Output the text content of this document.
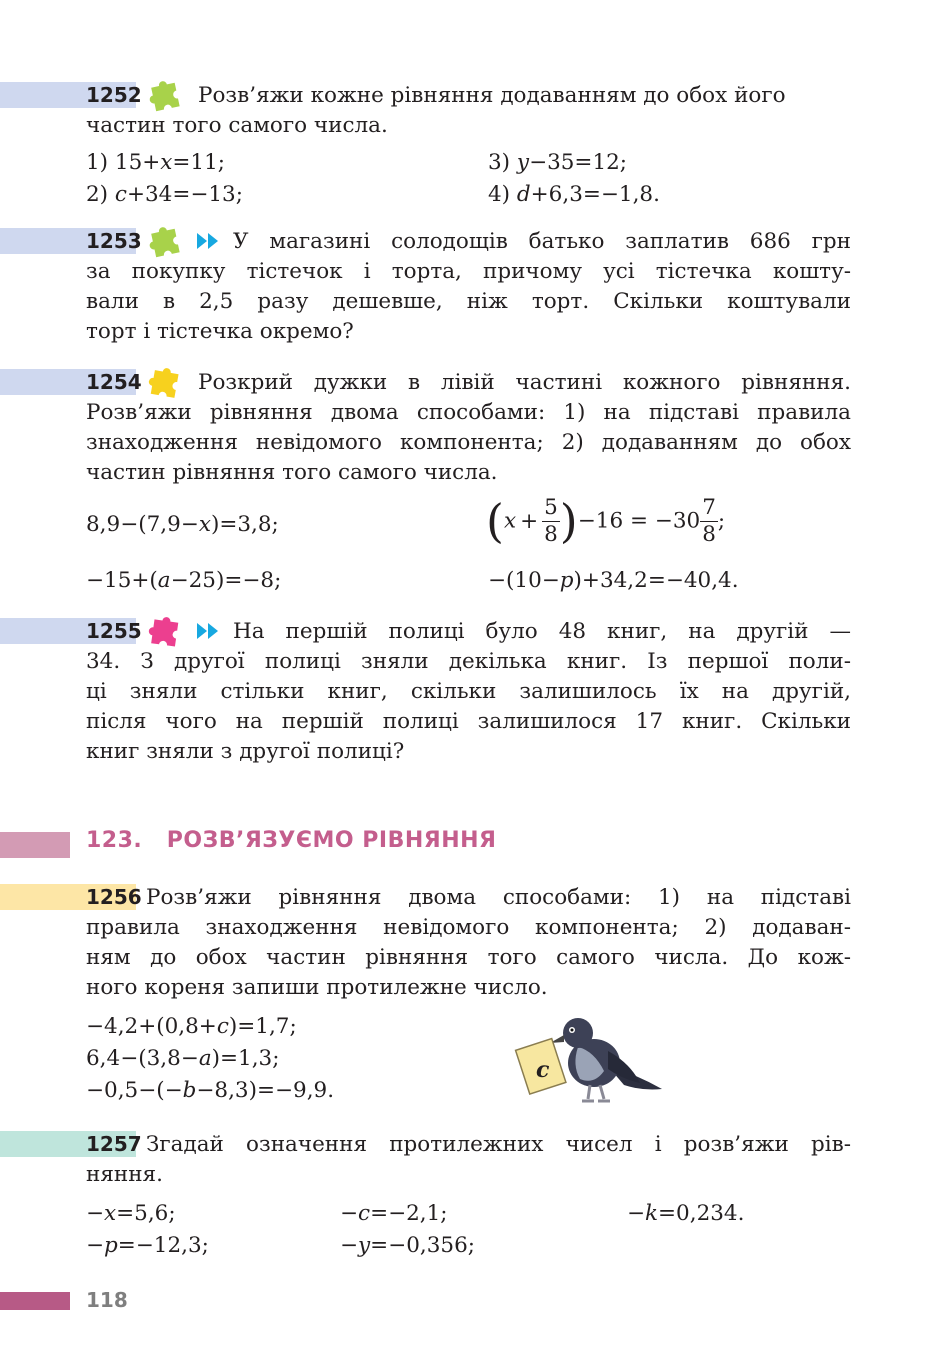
1252	Розв’яжи кожне рівняння додаванням до обох його
частин того самого числа.
1) 15+x=11;
2) c+34=−13;
3) y−35=12;
4) d+6,3=−1,8.
1253	У магазині солодощів батько заплатив 686 грн
за покупку тістечок і торта, причому усі тістечка кошту-
вали в 2,5 разу дешевше, ніж торт. Скільки коштували
торт і тістечка окремо?
1254	Розкрий дужки в лівій частині кожного рівняння.
Розв’яжи рівняння двома способами: 1) на підставі правила
знаходження невідомого компонента; 2) додаванням до обох
частин рівняння того самого числа.
8,9−(7,9−x)=3,8;	$(x + \frac{5}{8} )-16 = -30 \frac{7}{8}$ ;
−15+(a−25)=−8;	−(10−p)+34,2=−40,4.
1255	На першій полиці було 48 книг, на другій —
34. З другої полиці зняли декілька книг. Із першої поли-
ці зняли стільки книг, скільки залишилось їх на другій,
після чого на першій полиці залишилося 17 книг. Скільки
книг зняли з другої полиці?
123. РОЗВ’ЯЗУЄМО РІВНЯННЯ
1256 Розв’яжи рівняння двома способами: 1) на підставі
правила знаходження невідомого компонента; 2) додаван-
ням до обох частин рівняння того самого числа. До кож-
ного кореня запиши протилежне число.
−4,2+(0,8+c)=1,7;
6,4−(3,8−a)=1,3;
−0,5−(−b−8,3)=−9,9.
c
1257 Згадай означення протилежних чисел і розв’яжи рів-
няння.
−x=5,6;	−c=−2,1;	−k=0,234.
−p=−12,3;	−y=−0,356;
118
